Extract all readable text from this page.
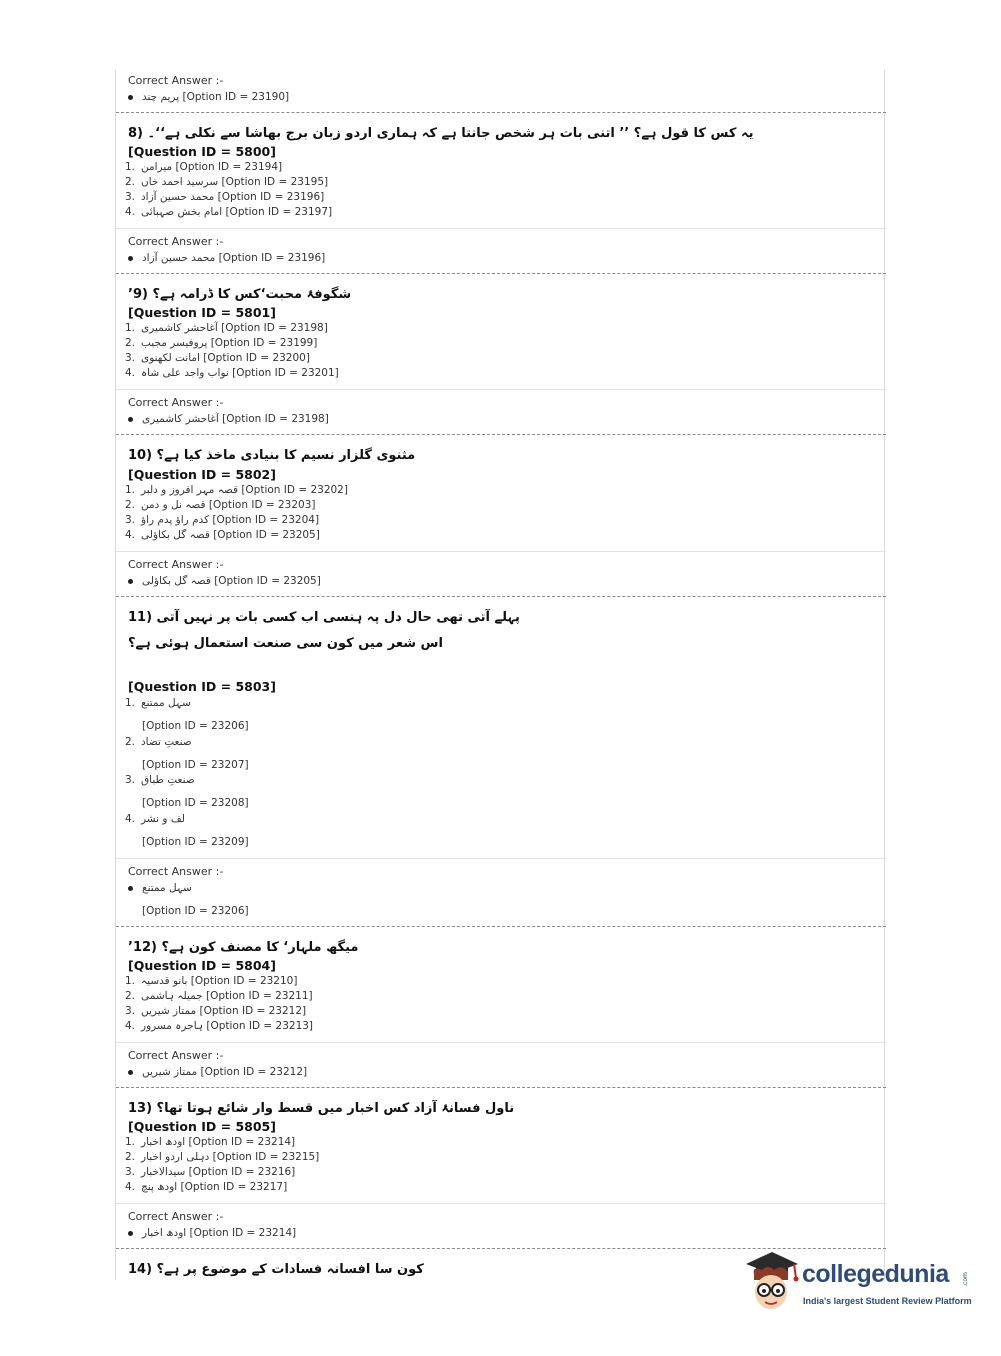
Correct Answer :-
پریم چند [Option ID = 23190]
یہ کس کا قول ہے؟ ’’ اتنی بات ہر شخص جانتا ہے کہ ہماری اردو زبان برج بھاشا سے نکلی ہے‘‘۔ (8
[Question ID = 5800]
1. میرامن [Option ID = 23194]
2. سرسید احمد خاں [Option ID = 23195]
3. محمد حسین آزاد [Option ID = 23196]
4. امام بخش صہبائی [Option ID = 23197]
Correct Answer :-
محمد حسین آزاد [Option ID = 23196]
’شگوفۂ محبت‘کس کا ڈرامہ ہے؟ (9
[Question ID = 5801]
1. آغاحشر کاشمیری [Option ID = 23198]
2. پروفیسر مجیب [Option ID = 23199]
3. امانت لکھنوی [Option ID = 23200]
4. نواب واجد علی شاہ [Option ID = 23201]
Correct Answer :-
آغاحشر کاشمیری [Option ID = 23198]
مثنوی گلزار نسیم کا بنیادی ماخذ کیا ہے؟ (10
[Question ID = 5802]
1. قصہ مہر افروز و دلبر [Option ID = 23202]
2. قصہ نل و دمن [Option ID = 23203]
3. کدم راؤ پدم راؤ [Option ID = 23204]
4. قصہ گل بکاؤلی [Option ID = 23205]
Correct Answer :-
قصہ گل بکاؤلی [Option ID = 23205]
پہلے آتی تھی حال دل پہ ہنسی اب کسی بات پر نہیں آتی (11
اس شعر میں کون سی صنعت استعمال ہوئی ہے؟
[Question ID = 5803]
1. سہل ممتنع
[Option ID = 23206]
2. صنعتِ تضاد
[Option ID = 23207]
3. صنعتِ طباق
[Option ID = 23208]
4. لف و نشر
[Option ID = 23209]
Correct Answer :-
سہل ممتنع
[Option ID = 23206]
’میگھ ملہار‘ کا مصنف کون ہے؟ (12
[Question ID = 5804]
1. بانو قدسیہ [Option ID = 23210]
2. جمیلہ ہاشمی [Option ID = 23211]
3. ممتاز شیریں [Option ID = 23212]
4. ہاجرہ مسرور [Option ID = 23213]
Correct Answer :-
ممتاز شیریں [Option ID = 23212]
ناول فسانۂ آزاد کس اخبار میں قسط وار شائع ہوتا تھا؟ (13
[Question ID = 5805]
1. اودھ اخبار [Option ID = 23214]
2. دہلی اردو اخبار [Option ID = 23215]
3. سیدالاخبار [Option ID = 23216]
4. اودھ پنچ [Option ID = 23217]
Correct Answer :-
اودھ اخبار [Option ID = 23214]
کون سا افسانہ فسادات کے موضوع پر ہے؟ (14	collegedunia .com
India's largest Student Review Platform
